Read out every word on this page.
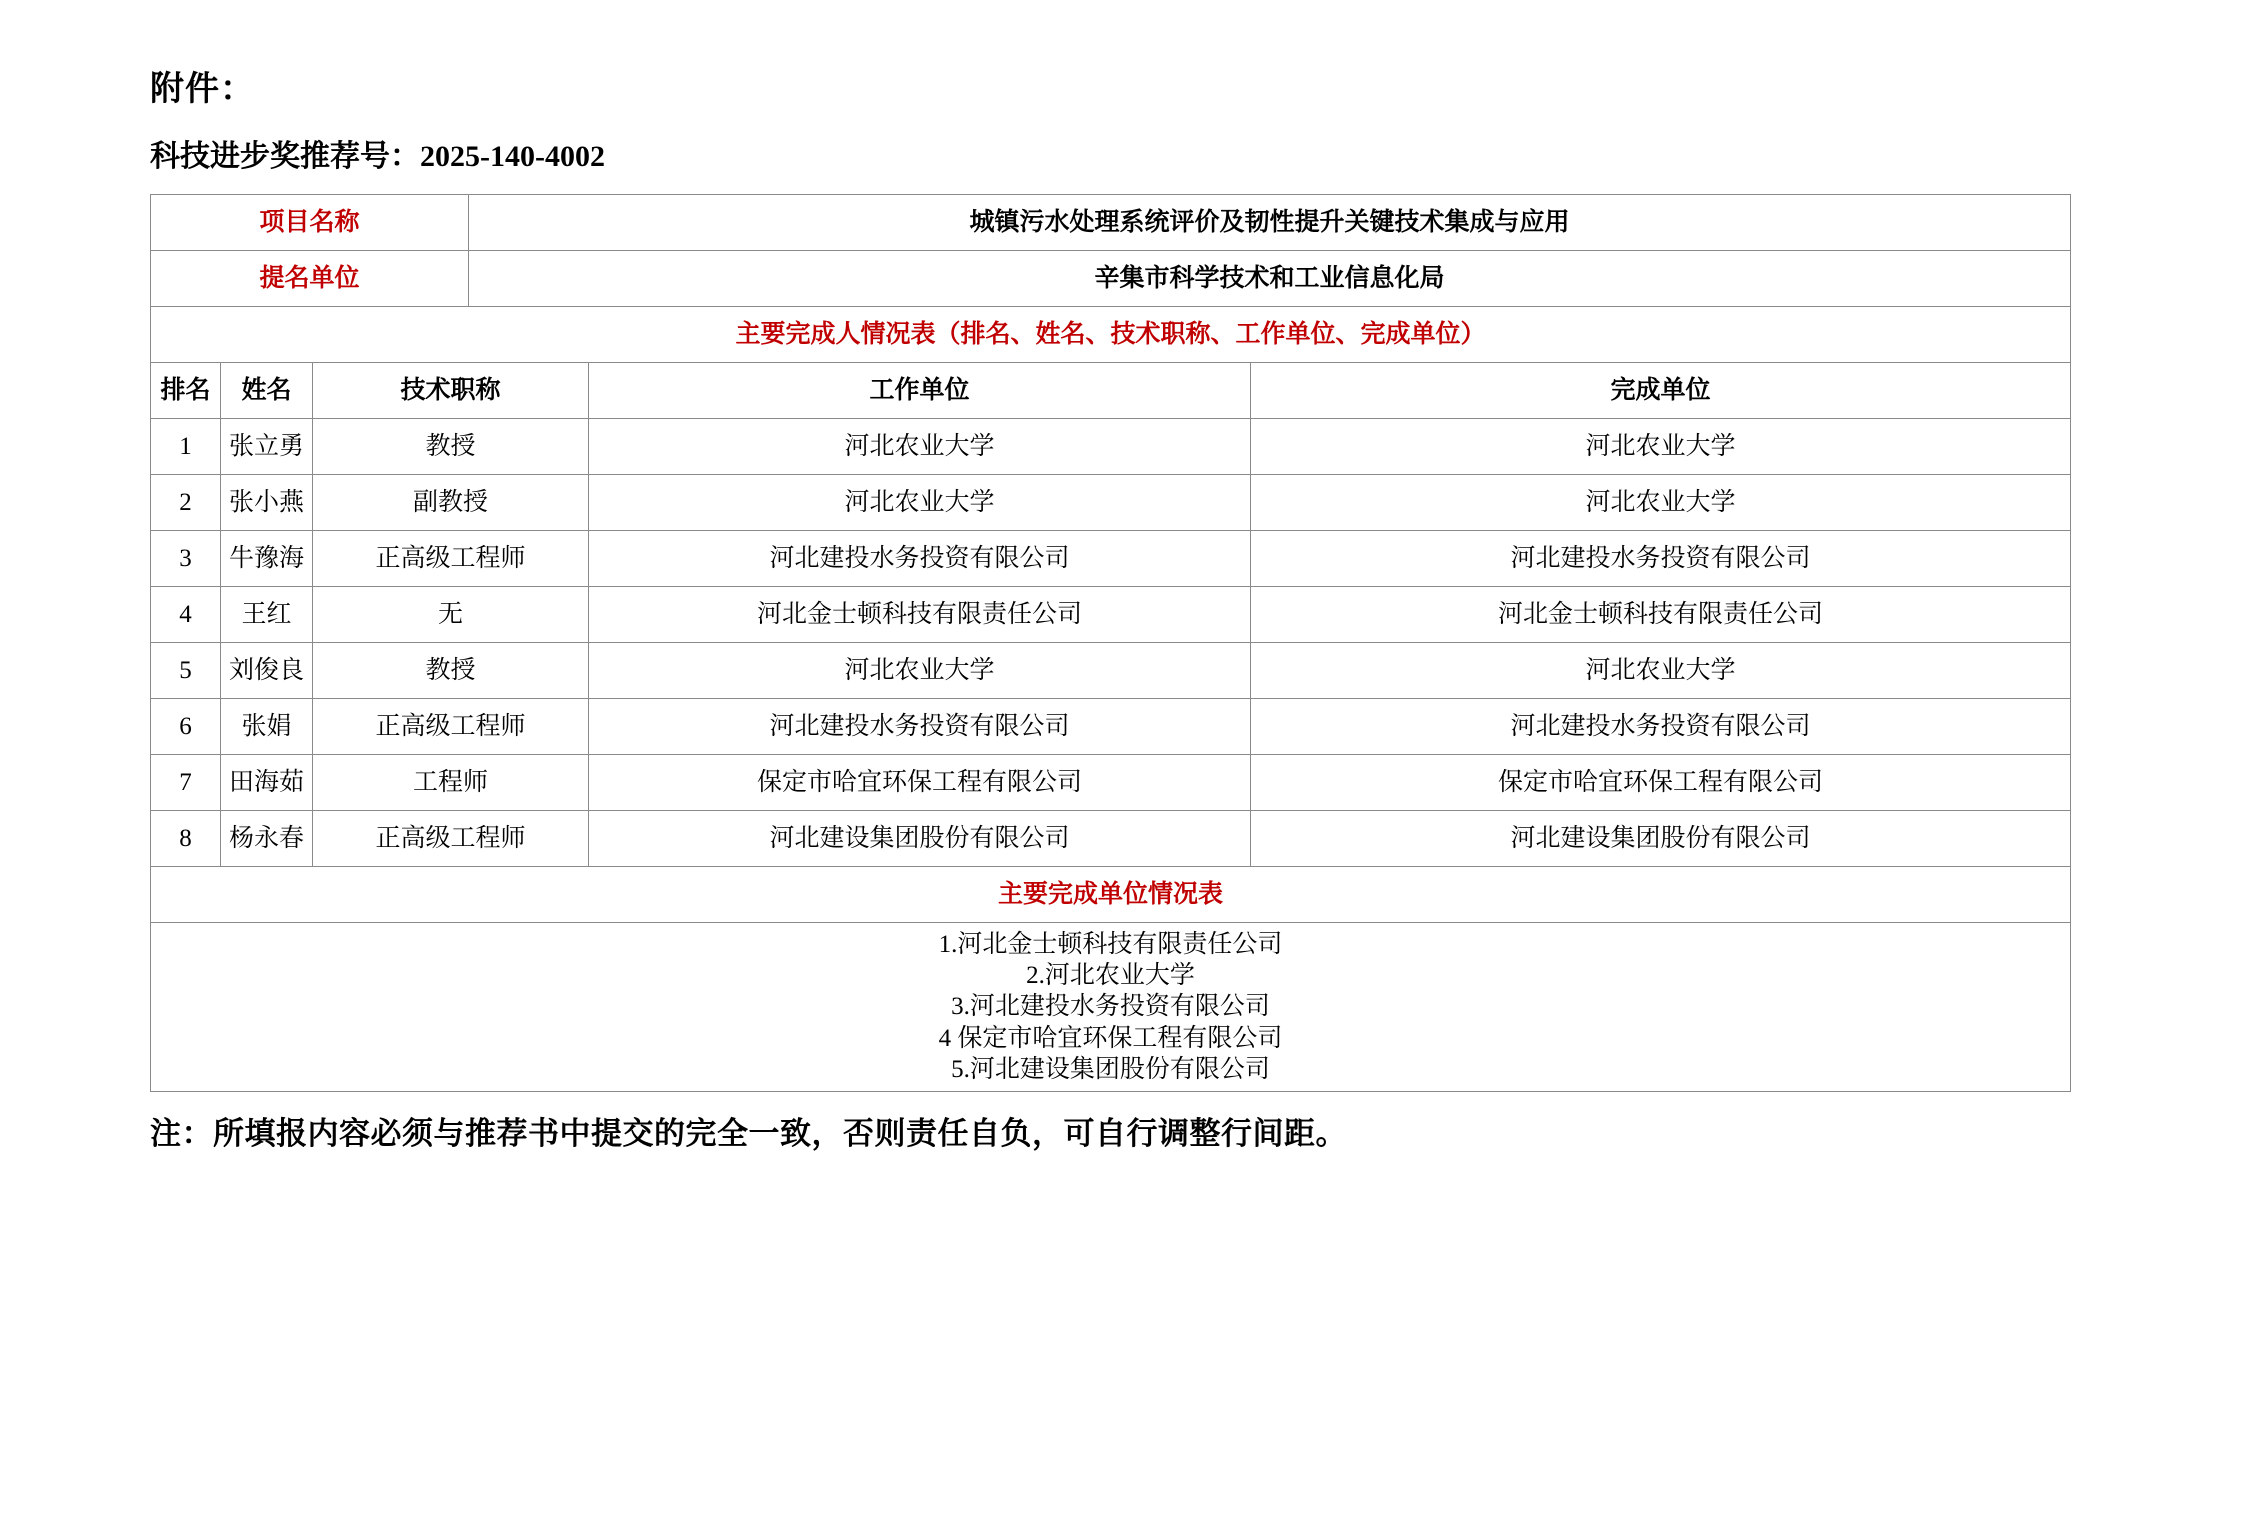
附件：
科技进步奖推荐号：2025-140-4002
项目名称			城镇污水处理系统评价及韧性提升关键技术集成与应用		
提名单位			辛集市科学技术和工业信息化局		
主要完成人情况表（排名、姓名、技术职称、工作单位、完成单位）					
排名	姓名	技术职称		工作单位	完成单位
1	张立勇	教授		河北农业大学	河北农业大学
2	张小燕	副教授		河北农业大学	河北农业大学
3	牛豫海	正高级工程师		河北建投水务投资有限公司	河北建投水务投资有限公司
4	王红	无		河北金士顿科技有限责任公司	河北金士顿科技有限责任公司
5	刘俊良	教授		河北农业大学	河北农业大学
6	张娟	正高级工程师		河北建投水务投资有限公司	河北建投水务投资有限公司
7	田海茹	工程师		保定市哈宜环保工程有限公司	保定市哈宜环保工程有限公司
8	杨永春	正高级工程师		河北建设集团股份有限公司	河北建设集团股份有限公司
主要完成单位情况表					

1.河北金士顿科技有限责任公司
2.河北农业大学
3.河北建投水务投资有限公司
4 保定市哈宜环保工程有限公司
5.河北建设集团股份有限公司					
注：所填报内容必须与推荐书中提交的完全一致，否则责任自负，可自行调整行间距。
